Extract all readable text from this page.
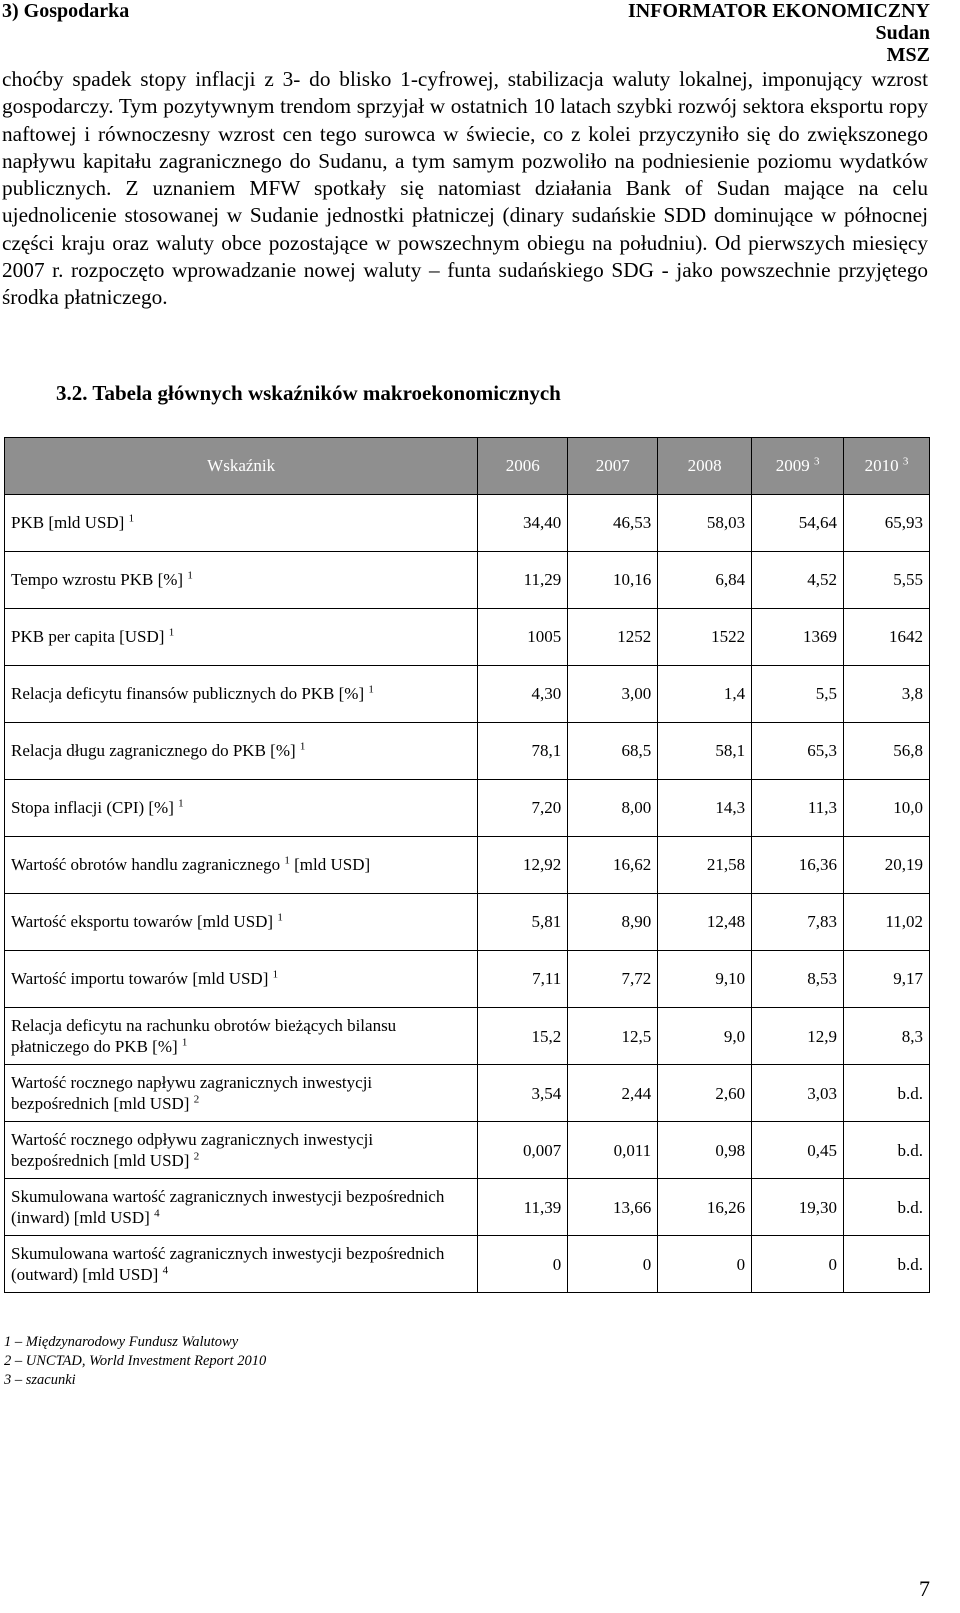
3) Gospodarka	INFORMATOR EKONOMICZNY
Sudan
MSZ
choćby spadek stopy inflacji z 3- do blisko 1-cyfrowej, stabilizacja waluty lokalnej, imponujący wzrost gospodarczy. Tym pozytywnym trendom sprzyjał w ostatnich 10 latach szybki rozwój sektora eksportu ropy naftowej i równoczesny wzrost cen tego surowca w świecie, co z kolei przyczyniło się do zwiększonego napływu kapitału zagranicznego do Sudanu, a tym samym pozwoliło na podniesienie poziomu wydatków publicznych. Z uznaniem MFW spotkały się natomiast działania Bank of Sudan mające na celu ujednolicenie stosowanej w Sudanie jednostki płatniczej (dinary sudańskie SDD dominujące w północnej części kraju oraz waluty obce pozostające w powszechnym obiegu na południu). Od pierwszych miesięcy 2007 r. rozpoczęto wprowadzanie nowej waluty – funta sudańskiego SDG - jako powszechnie przyjętego środka płatniczego.
3.2. Tabela głównych wskaźników makroekonomicznych
Wskaźnik	2006	2007	2008	2009 $^3$	2010 $^3$
PKB [mld USD] $^1$	34,40	46,53	58,03	54,64	65,93
Tempo wzrostu PKB [%] $^1$	11,29	10,16	6,84	4,52	5,55
PKB per capita [USD] $^1$	1005	1252	1522	1369	1642
Relacja deficytu finansów publicznych do PKB [%] $^1$	4,30	3,00	1,4	5,5	3,8
Relacja długu zagranicznego do PKB [%] $^1$	78,1	68,5	58,1	65,3	56,8
Stopa inflacji (CPI) [%] $^1$	7,20	8,00	14,3	11,3	10,0
Wartość obrotów handlu zagranicznego $^1$ [mld USD]	12,92	16,62	21,58	16,36	20,19
Wartość eksportu towarów [mld USD] $^1$	5,81	8,90	12,48	7,83	11,02
Wartość importu towarów [mld USD] $^1$	7,11	7,72	9,10	8,53	9,17
Relacja deficytu na rachunku obrotów bieżących bilansu płatniczego do PKB [%] $^1$	15,2	12,5	9,0	12,9	8,3
Wartość rocznego napływu zagranicznych inwestycji bezpośrednich [mld USD] $^2$	3,54	2,44	2,60	3,03	b.d.
Wartość rocznego odpływu zagranicznych inwestycji bezpośrednich [mld USD] $^2$	0,007	0,011	0,98	0,45	b.d.
Skumulowana wartość zagranicznych inwestycji bezpośrednich (inward) [mld USD] $^4$	11,39	13,66	16,26	19,30	b.d.
Skumulowana wartość zagranicznych inwestycji bezpośrednich (outward) [mld USD] $^4$	0	0	0	0	b.d.
1 – Międzynarodowy Fundusz Walutowy
2 – UNCTAD, World Investment Report 2010
3 – szacunki
7
